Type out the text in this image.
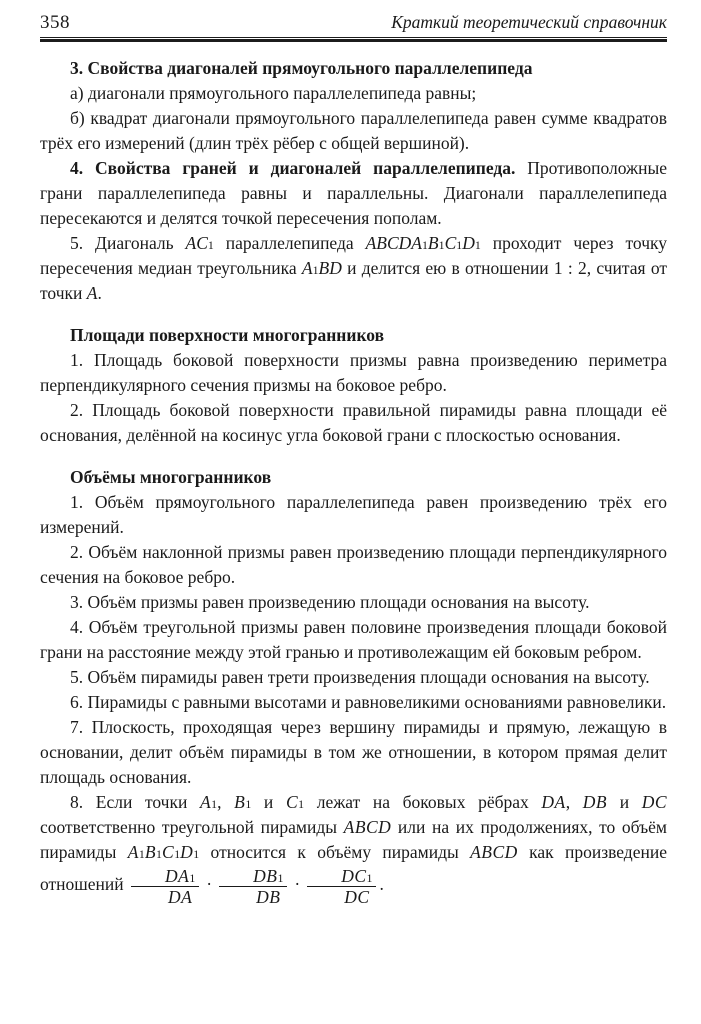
358	Краткий теоретический справочник

3. Свойства диагоналей прямоугольного параллелепипеда

а) диагонали прямоугольного параллелепипеда равны;

б) квадрат диагонали прямоугольного параллелепипеда равен сумме квадратов трёх его измерений (длин трёх рёбер с общей вершиной).

4. Свойства граней и диагоналей параллелепипеда. Противоположные грани параллелепипеда равны и параллельны. Диагонали параллелепипеда пересекаются и делятся точкой пересечения пополам.

5. Диагональ AC1 параллелепипеда ABCDA1B1C1D1 проходит через точку пересечения медиан треугольника A1BD и делится ею в отношении 1 : 2, считая от точки A.

Площади поверхности многогранников

1. Площадь боковой поверхности призмы равна произведению периметра перпендикулярного сечения призмы на боковое ребро.

2. Площадь боковой поверхности правильной пирамиды равна площади её основания, делённой на косинус угла боковой грани с плоскостью основания.

Объёмы многогранников

1. Объём прямоугольного параллелепипеда равен произведению трёх его измерений.

2. Объём наклонной призмы равен произведению площади перпендикулярного сечения на боковое ребро.

3. Объём призмы равен произведению площади основания на высоту.

4. Объём треугольной призмы равен половине произведения площади боковой грани на расстояние между этой гранью и противолежащим ей боковым ребром.

5. Объём пирамиды равен трети произведения площади основания на высоту.

6. Пирамиды с равными высотами и равновеликими основаниями равновелики.

7. Плоскость, проходящая через вершину пирамиды и прямую, лежащую в основании, делит объём пирамиды в том же отношении, в котором прямая делит площадь основания.

8. Если точки A1, B1 и C1 лежат на боковых рёбрах DA, DB и DC соответственно треугольной пирамиды ABCD или на их продолжениях, то объём пирамиды A1B1C1D1 относится к объёму пирамиды ABCD как произведение отношений $\frac{DA1}{DA} \cdot \frac{DB1}{DB} \cdot \frac{DC1}{DC}$ .
